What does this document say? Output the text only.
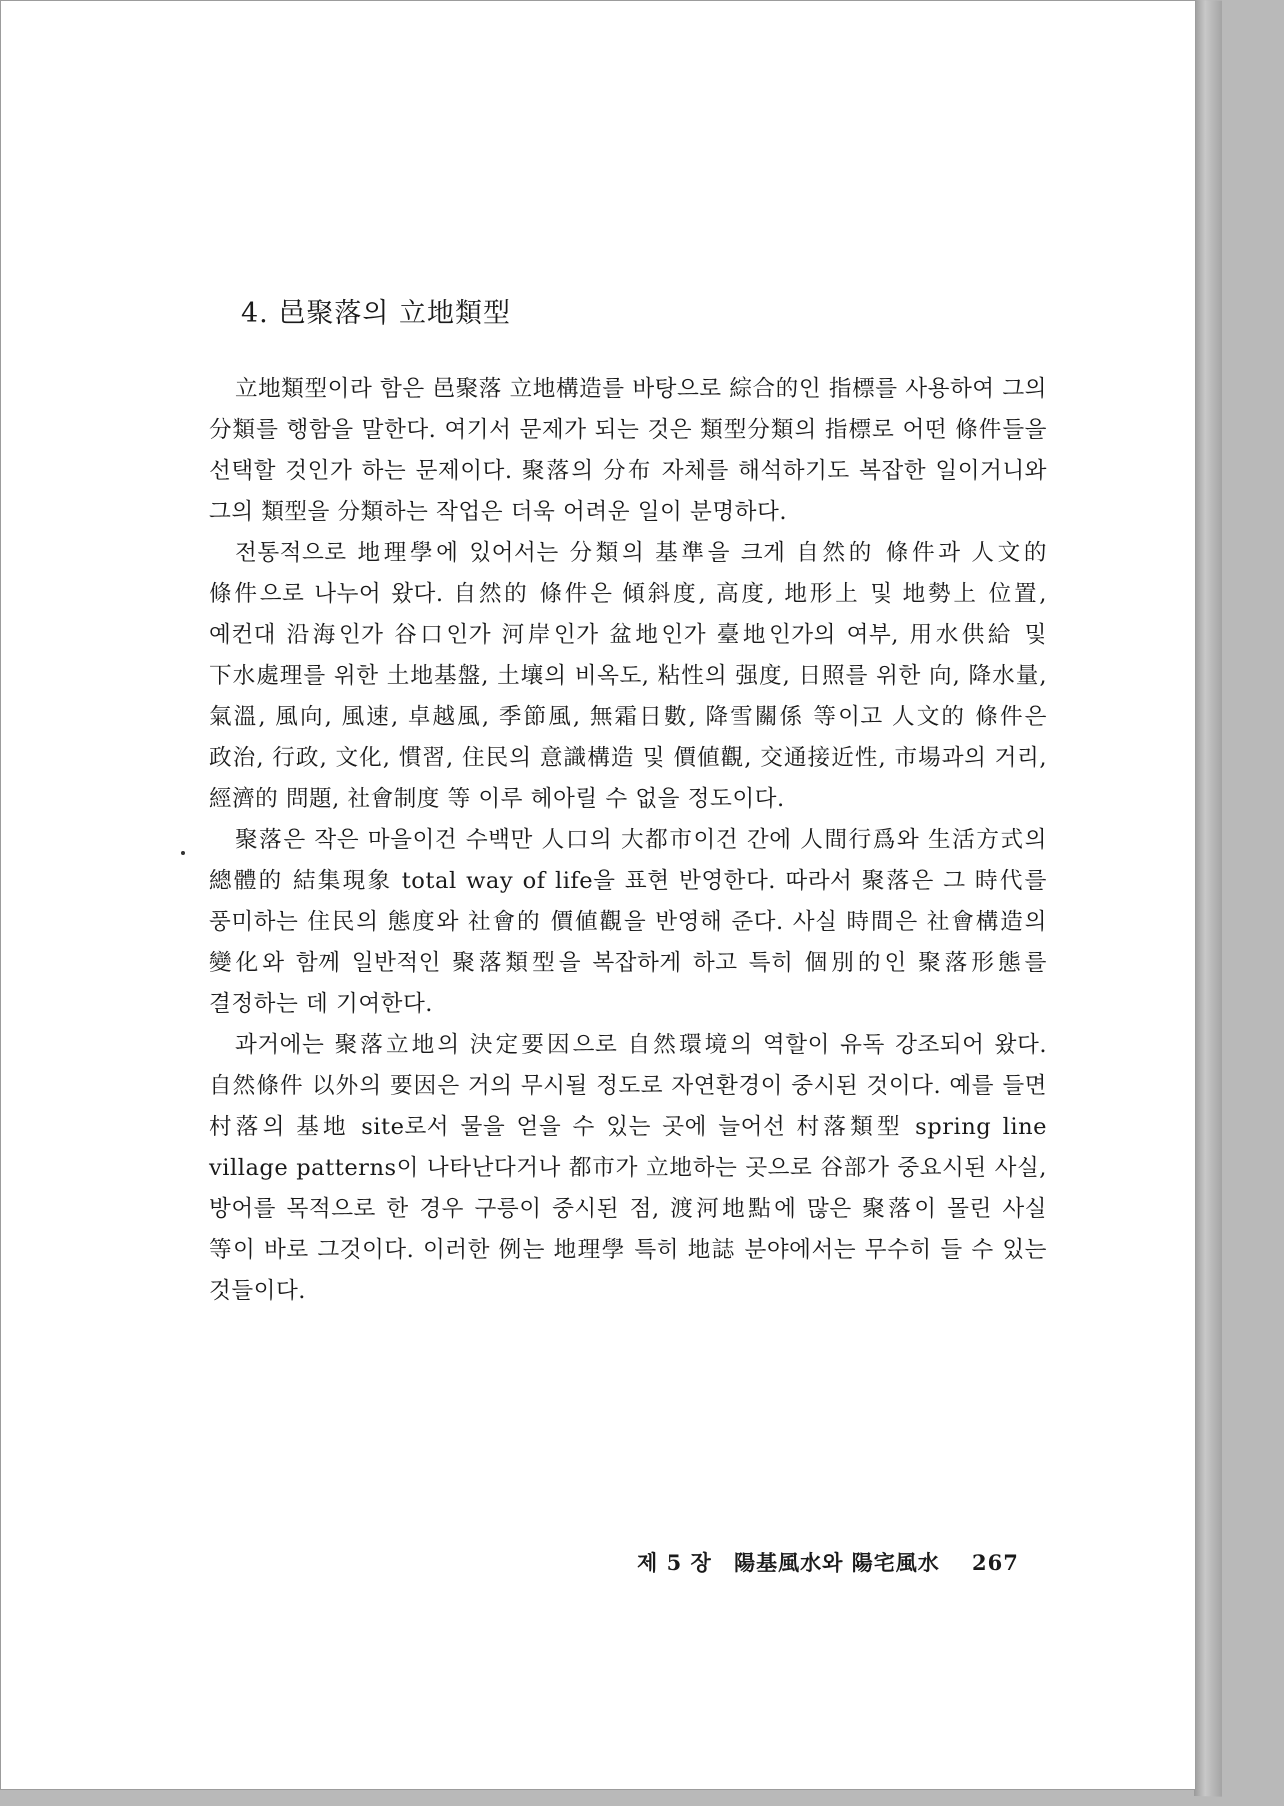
4. 邑聚落의 立地類型

立地類型이라 함은 邑聚落 立地構造를 바탕으로 綜合的인 指標를 사용하여 그의 分類를 행함을 말한다. 여기서 문제가 되는 것은 類型分類의 指標로 어떤 條件들을 선택할 것인가 하는 문제이다. 聚落의 分布 자체를 해석하기도 복잡한 일이거니와 그의 類型을 分類하는 작업은 더욱 어려운 일이 분명하다.

전통적으로 地理學에 있어서는 分類의 基準을 크게 自然的 條件과 人文的 條件으로 나누어 왔다. 自然的 條件은 傾斜度, 高度, 地形上 및 地勢上 位置, 예컨대 沿海인가 谷口인가 河岸인가 盆地인가 臺地인가의 여부, 用水供給 및 下水處理를 위한 土地基盤, 土壤의 비옥도, 粘性의 强度, 日照를 위한 向, 降水量, 氣溫, 風向, 風速, 卓越風, 季節風, 無霜日數, 降雪關係 等이고 人文的 條件은 政治, 行政, 文化, 慣習, 住民의 意識構造 및 價値觀, 交通接近性, 市場과의 거리, 經濟的 問題, 社會制度 等 이루 헤아릴 수 없을 정도이다.

聚落은 작은 마을이건 수백만 人口의 大都市이건 간에 人間行爲와 生活方式의 總體的 結集現象 total way of life을 표현 반영한다. 따라서 聚落은 그 時代를 풍미하는 住民의 態度와 社會的 價値觀을 반영해 준다. 사실 時間은 社會構造의 變化와 함께 일반적인 聚落類型을 복잡하게 하고 특히 個別的인 聚落形態를 결정하는 데 기여한다.

과거에는 聚落立地의 決定要因으로 自然環境의 역할이 유독 강조되어 왔다. 自然條件 以外의 要因은 거의 무시될 정도로 자연환경이 중시된 것이다. 예를 들면 村落의 基地 site로서 물을 얻을 수 있는 곳에 늘어선 村落類型 spring line village patterns이 나타난다거나 都市가 立地하는 곳으로 谷部가 중요시된 사실, 방어를 목적으로 한 경우 구릉이 중시된 점, 渡河地點에 많은 聚落이 몰린 사실 等이 바로 그것이다. 이러한 例는 地理學 특히 地誌 분야에서는 무수히 들 수 있는 것들이다.

제 5 장 陽基風水와 陽宅風水 267
